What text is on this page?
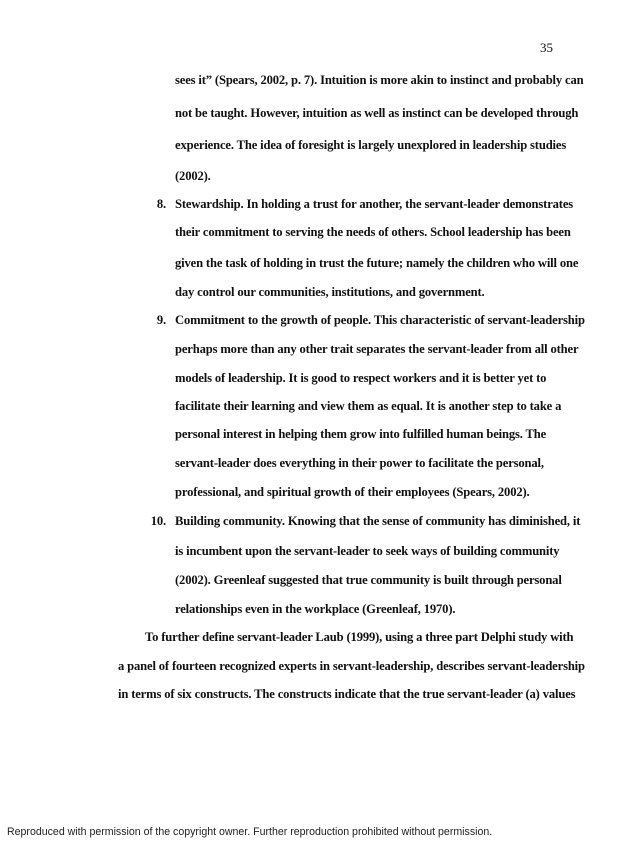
35
sees it” (Spears, 2002, p. 7). Intuition is more akin to instinct and probably can
not be taught. However, intuition as well as instinct can be developed through
experience. The idea of foresight is largely unexplored in leadership studies
(2002).
8. Stewardship. In holding a trust for another, the servant-leader demonstrates
their commitment to serving the needs of others. School leadership has been
given the task of holding in trust the future; namely the children who will one
day control our communities, institutions, and government.
9. Commitment to the growth of people. This characteristic of servant-leadership
perhaps more than any other trait separates the servant-leader from all other
models of leadership. It is good to respect workers and it is better yet to
facilitate their learning and view them as equal. It is another step to take a
personal interest in helping them grow into fulfilled human beings. The
servant-leader does everything in their power to facilitate the personal,
professional, and spiritual growth of their employees (Spears, 2002).
10. Building community. Knowing that the sense of community has diminished, it
is incumbent upon the servant-leader to seek ways of building community
(2002). Greenleaf suggested that true community is built through personal
relationships even in the workplace (Greenleaf, 1970).
To further define servant-leader Laub (1999), using a three part Delphi study with
a panel of fourteen recognized experts in servant-leadership, describes servant-leadership
in terms of six constructs. The constructs indicate that the true servant-leader (a) values
Reproduced with permission of the copyright owner. Further reproduction prohibited without permission.
